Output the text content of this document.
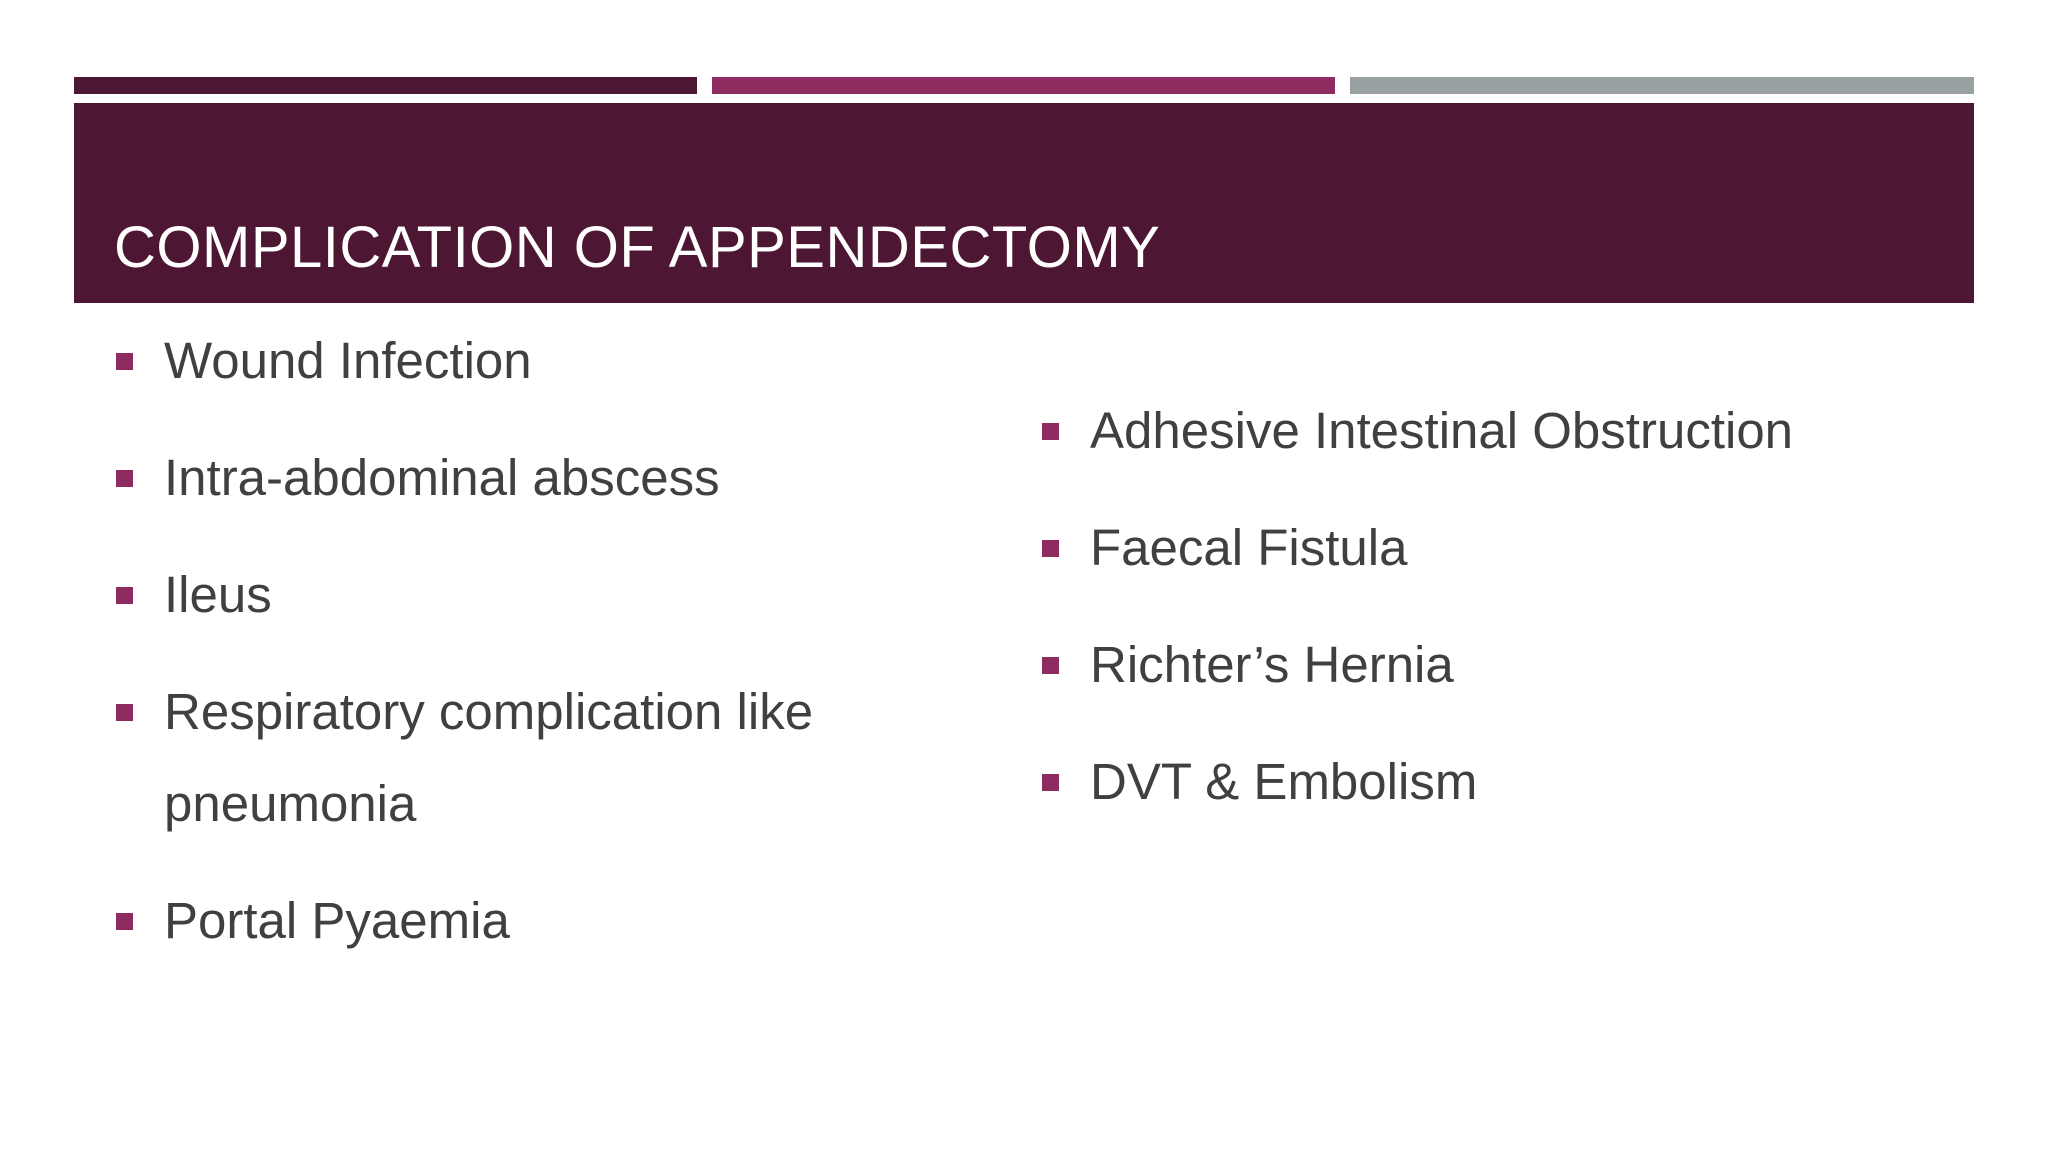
COMPLICATION OF APPENDECTOMY
Wound Infection
Intra-abdominal abscess
Ileus
Respiratory complication like pneumonia
Portal Pyaemia
Adhesive Intestinal Obstruction
Faecal Fistula
Richter’s Hernia
DVT & Embolism
